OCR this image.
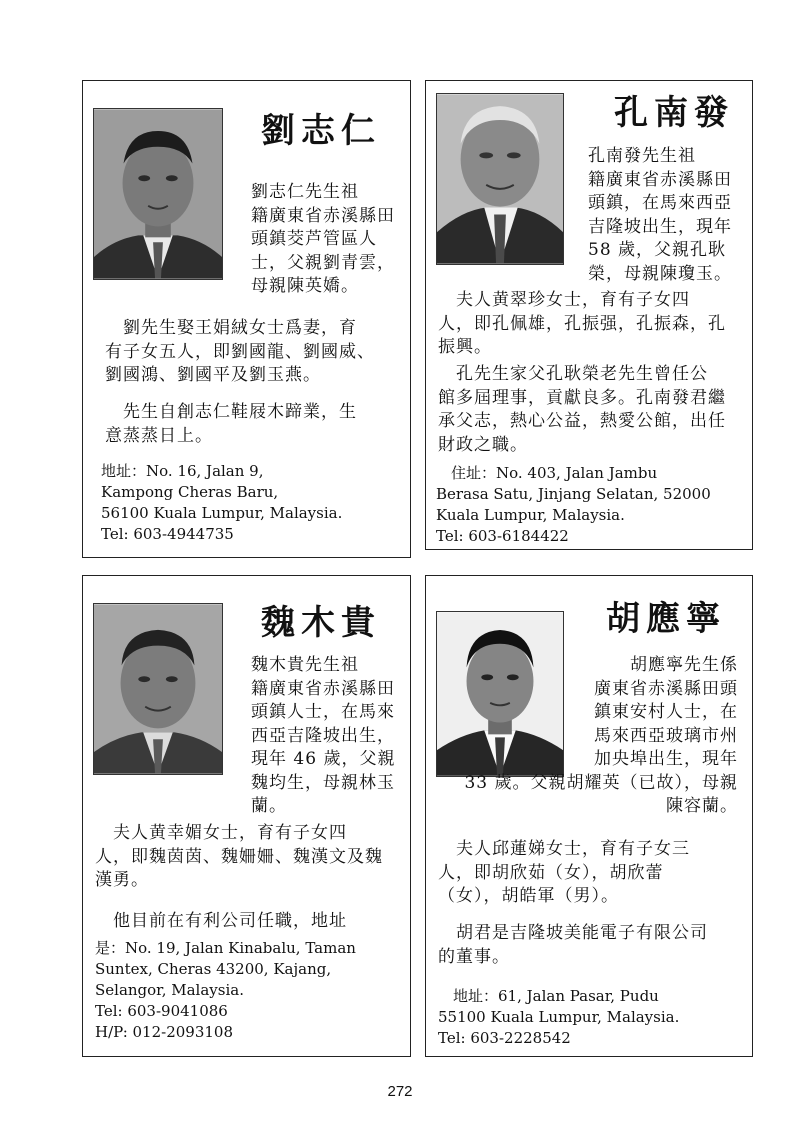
劉志仁

劉志仁先生祖
籍廣東省赤溪縣田
頭鎮茭芦管區人
士，父親劉青雲，
母親陳英嬌。

　劉先生娶王娟絨女士爲妻，育
有子女五人，即劉國龍、劉國威、
劉國鴻、劉國平及劉玉燕。

　先生自創志仁鞋屐木蹄業，生
意蒸蒸日上。

地址：No. 16, Jalan 9,
Kampong Cheras Baru,
56100 Kuala Lumpur, Malaysia.
Tel: 603-4944735

孔南發

孔南發先生祖
籍廣東省赤溪縣田
頭鎮，在馬來西亞
吉隆坡出生，現年
58 歲，父親孔耿
榮，母親陳瓊玉。

　夫人黄翠珍女士，育有子女四
人，即孔佩雄，孔振强，孔振森，孔
振興。

　孔先生家父孔耿榮老先生曾任公
館多屆理事，貢獻良多。孔南發君繼
承父志，熱心公益，熱愛公館，出任
財政之職。

　住址：No. 403, Jalan Jambu
Berasa Satu, Jinjang Selatan, 52000
Kuala Lumpur, Malaysia.
Tel: 603-6184422

魏木貴

魏木貴先生祖
籍廣東省赤溪縣田
頭鎮人士，在馬來
西亞吉隆坡出生，
現年 46 歲，父親
魏均生，母親林玉蘭。

　夫人黄幸媚女士，育有子女四
人，即魏茵茵、魏姍姍、魏漢文及魏
漢勇。

　他目前在有利公司任職，地址

是：No. 19, Jalan Kinabalu, Taman
Suntex, Cheras 43200, Kajang,
Selangor, Malaysia.
Tel: 603-9041086
H/P: 012-2093108

胡應寧

胡應寧先生係
廣東省赤溪縣田頭
鎮東安村人士，在
馬來西亞玻璃市州
加央埠出生，現年
33 歲。父親胡耀英（已故），母親
陳容蘭。

　夫人邱蓮娣女士，育有子女三
人，即胡欣茹（女），胡欣蕾
（女），胡皓軍（男）。

　胡君是吉隆坡美能電子有限公司
的董事。

　地址：61, Jalan Pasar, Pudu
55100 Kuala Lumpur, Malaysia.
Tel: 603-2228542

272
